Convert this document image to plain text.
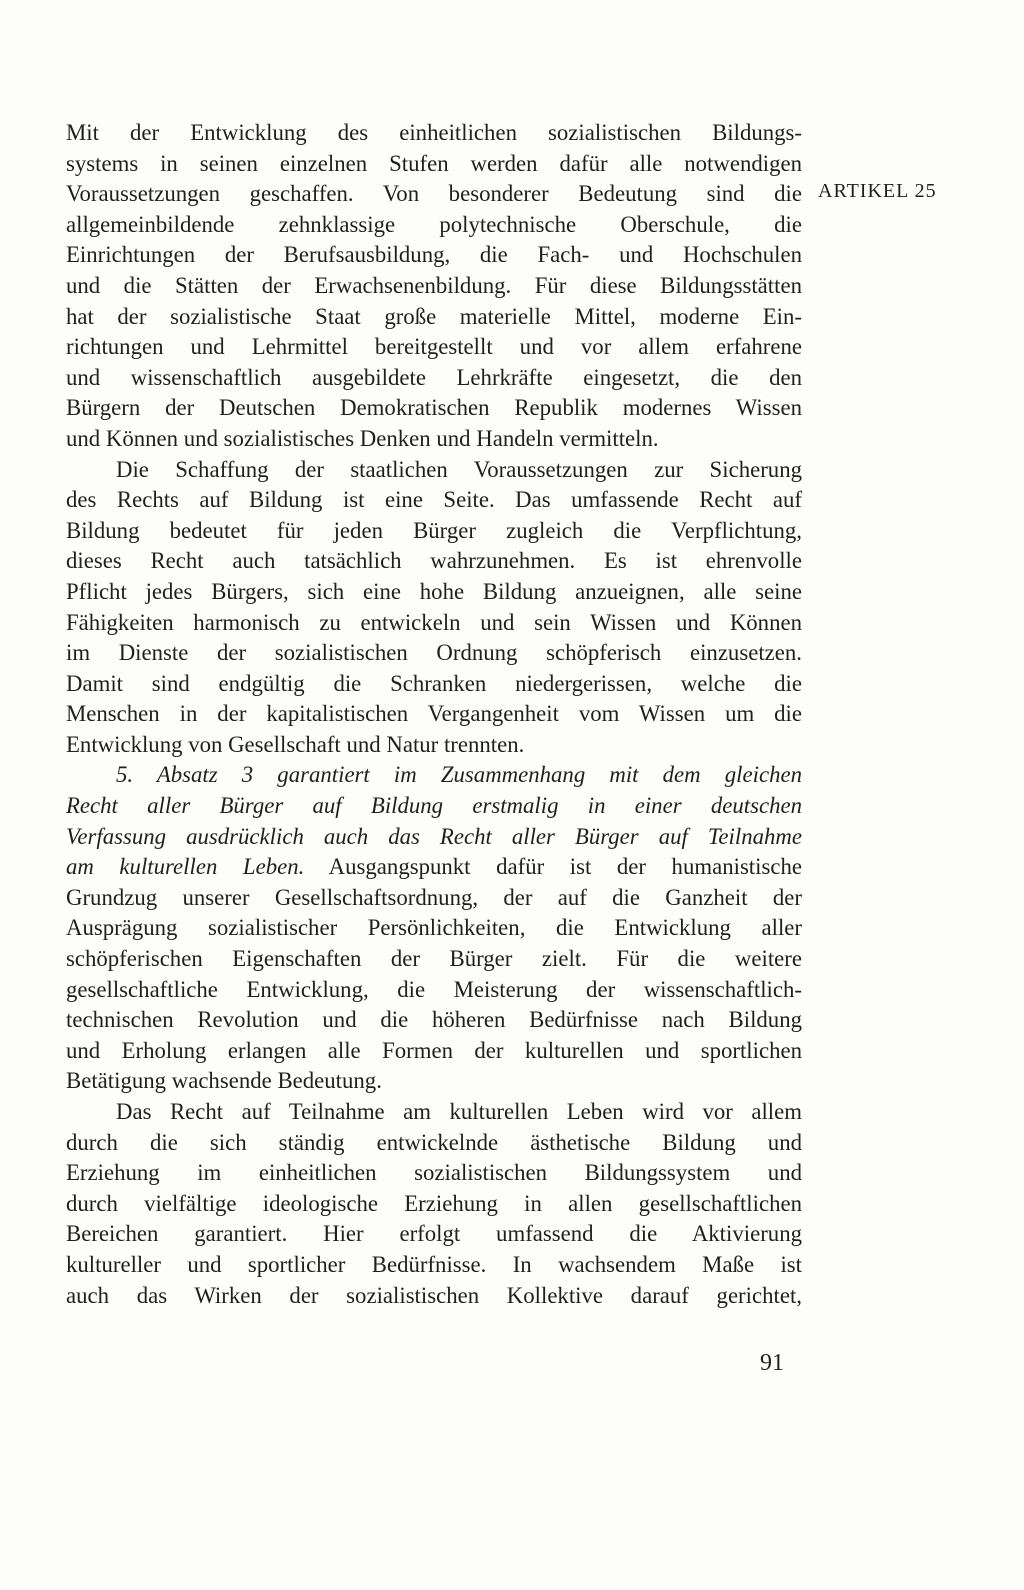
ARTIKEL 25
Mit der Entwicklung des einheitlichen sozialistischen Bildungs-
systems in seinen einzelnen Stufen werden dafür alle notwendigen
Voraussetzungen geschaffen. Von besonderer Bedeutung sind die
allgemeinbildende zehnklassige polytechnische Oberschule, die
Einrichtungen der Berufsausbildung, die Fach- und Hochschulen
und die Stätten der Erwachsenenbildung. Für diese Bildungsstätten
hat der sozialistische Staat große materielle Mittel, moderne Ein-
richtungen und Lehrmittel bereitgestellt und vor allem erfahrene
und wissenschaftlich ausgebildete Lehrkräfte eingesetzt, die den
Bürgern der Deutschen Demokratischen Republik modernes Wissen
und Können und sozialistisches Denken und Handeln vermitteln.
Die Schaffung der staatlichen Voraussetzungen zur Sicherung
des Rechts auf Bildung ist eine Seite. Das umfassende Recht auf
Bildung bedeutet für jeden Bürger zugleich die Verpflichtung,
dieses Recht auch tatsächlich wahrzunehmen. Es ist ehrenvolle
Pflicht jedes Bürgers, sich eine hohe Bildung anzueignen, alle seine
Fähigkeiten harmonisch zu entwickeln und sein Wissen und Können
im Dienste der sozialistischen Ordnung schöpferisch einzusetzen.
Damit sind endgültig die Schranken niedergerissen, welche die
Menschen in der kapitalistischen Vergangenheit vom Wissen um die
Entwicklung von Gesellschaft und Natur trennten.
5. Absatz 3 garantiert im Zusammenhang mit dem gleichen
Recht aller Bürger auf Bildung erstmalig in einer deutschen
Verfassung ausdrücklich auch das Recht aller Bürger auf Teilnahme
am kulturellen Leben. Ausgangspunkt dafür ist der humanistische
Grundzug unserer Gesellschaftsordnung, der auf die Ganzheit der
Ausprägung sozialistischer Persönlichkeiten, die Entwicklung aller
schöpferischen Eigenschaften der Bürger zielt. Für die weitere
gesellschaftliche Entwicklung, die Meisterung der wissenschaftlich-
technischen Revolution und die höheren Bedürfnisse nach Bildung
und Erholung erlangen alle Formen der kulturellen und sportlichen
Betätigung wachsende Bedeutung.
Das Recht auf Teilnahme am kulturellen Leben wird vor allem
durch die sich ständig entwickelnde ästhetische Bildung und
Erziehung im einheitlichen sozialistischen Bildungssystem und
durch vielfältige ideologische Erziehung in allen gesellschaftlichen
Bereichen garantiert. Hier erfolgt umfassend die Aktivierung
kultureller und sportlicher Bedürfnisse. In wachsendem Maße ist
auch das Wirken der sozialistischen Kollektive darauf gerichtet,
91
